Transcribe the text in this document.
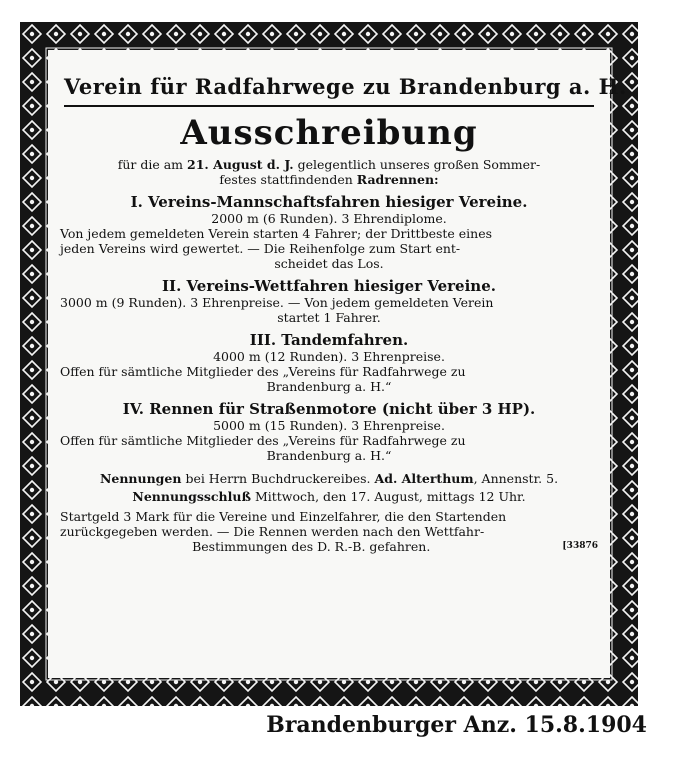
Verein für Radfahrwege zu Brandenburg a. H.
Ausschreibung
für die am 21. August d. J. gelegentlich unseres großen Sommer-
festes stattfindenden Radrennen:
I. Vereins-Mannschaftsfahren hiesiger Vereine.
2000 m (6 Runden). 3 Ehrendiplome.
Von jedem gemeldeten Verein starten 4 Fahrer; der Drittbeste eines
jeden Vereins wird gewertet. — Die Reihenfolge zum Start ent-
scheidet das Los.
II. Vereins-Wettfahren hiesiger Vereine.
3000 m (9 Runden). 3 Ehrenpreise. — Von jedem gemeldeten Verein
startet 1 Fahrer.
III. Tandemfahren.
4000 m (12 Runden). 3 Ehrenpreise.
Offen für sämtliche Mitglieder des „Vereins für Radfahrwege zu
Brandenburg a. H.“
IV. Rennen für Straßenmotore (nicht über 3 HP).
5000 m (15 Runden). 3 Ehrenpreise.
Offen für sämtliche Mitglieder des „Vereins für Radfahrwege zu
Brandenburg a. H.“
Nennungen bei Herrn Buchdruckereibes. Ad. Alterthum, Annenstr. 5.
Nennungsschluß Mittwoch, den 17. August, mittags 12 Uhr.
Startgeld 3 Mark für die Vereine und Einzelfahrer, die den Startenden
zurückgegeben werden. — Die Rennen werden nach den Wettfahr-
Bestimmungen des D. R.-B. gefahren.	[33876
Brandenburger Anz. 15.8.1904
